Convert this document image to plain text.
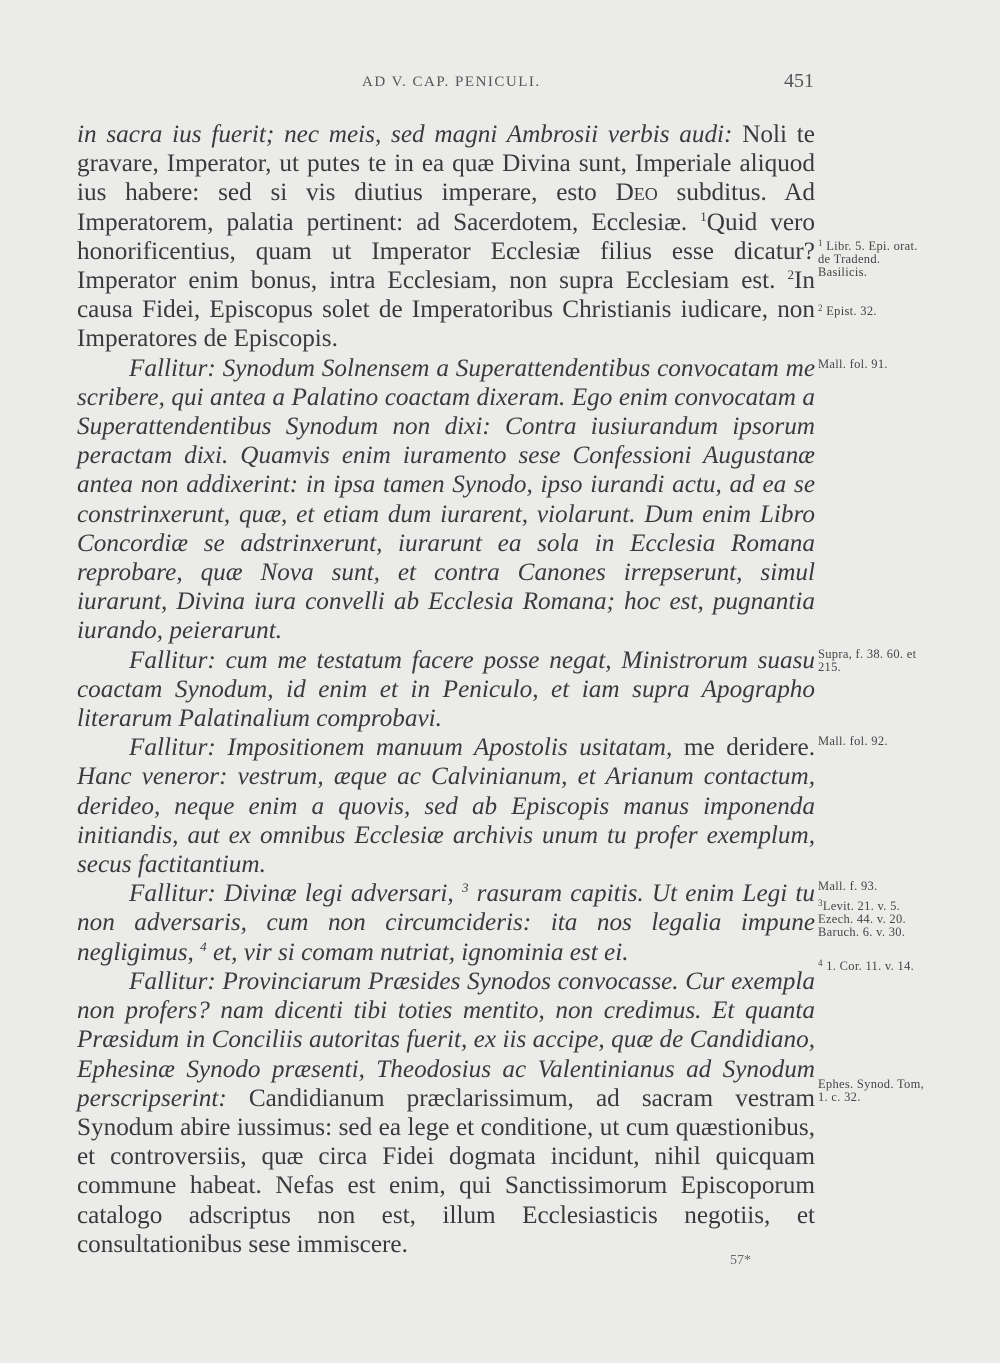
AD V. CAP. PENICULI.	451

in sacra ius fuerit; nec meis, sed magni Ambrosii verbis audi: Noli te gravare, Imperator, ut putes te in ea quæ Divina sunt, Imperiale aliquod ius habere: sed si vis diutius imperare, esto Deo subditus. Ad Imperatorem, palatia pertinent: ad Sacerdotem, Ecclesiæ. $^1$Quid vero honorificentius, quam ut Imperator Ecclesiæ filius esse dicatur? Imperator enim bonus, intra Ecclesiam, non supra Ecclesiam est. $^2$In causa Fidei, Episcopus solet de Imperatoribus Christianis iudicare, non Imperatores de Episcopis.

Fallitur: Synodum Solnensem a Superattendentibus convocatam me scribere, qui antea a Palatino coactam dixeram. Ego enim convocatam a Superattendentibus Synodum non dixi: Contra iusiurandum ipsorum peractam dixi. Quamvis enim iuramento sese Confessioni Augustanæ antea non addixerint: in ipsa tamen Synodo, ipso iurandi actu, ad ea se constrinxerunt, quæ, et etiam dum iurarent, violarunt. Dum enim Libro Concordiæ se adstrinxerunt, iurarunt ea sola in Ecclesia Romana reprobare, quæ Nova sunt, et contra Canones irrepserunt, simul iurarunt, Divina iura convelli ab Ecclesia Romana; hoc est, pugnantia iurando, peierarunt.

Fallitur: cum me testatum facere posse negat, Ministrorum suasu coactam Synodum, id enim et in Peniculo, et iam supra Apographo literarum Palatinalium comprobavi.

Fallitur: Impositionem manuum Apostolis usitatam, me deridere. Hanc veneror: vestrum, æque ac Calvinianum, et Arianum contactum, derideo, neque enim a quovis, sed ab Episcopis manus imponenda initiandis, aut ex omnibus Ecclesiæ archivis unum tu profer exemplum, secus factitantium.

Fallitur: Divinæ legi adversari, $^3$ rasuram capitis. Ut enim Legi tu non adversaris, cum non circumcideris: ita nos legalia impune negligimus, $^4$ et, vir si comam nutriat, ignominia est ei.

Fallitur: Provinciarum Præsides Synodos convocasse. Cur exempla non profers? nam dicenti tibi toties mentito, non credimus. Et quanta Præsidum in Conciliis autoritas fuerit, ex iis accipe, quæ de Candidiano, Ephesinæ Synodo præsenti, Theodosius ac Valentinianus ad Synodum perscripserint: Candidianum præclarissimum, ad sacram vestram Synodum abire iussimus: sed ea lege et conditione, ut cum quæstionibus, et controversiis, quæ circa Fidei dogmata incidunt, nihil quicquam commune habeat. Nefas est enim, qui Sanctissimorum Episcoporum catalogo adscriptus non est, illum Ecclesiasticis negotiis, et consultationibus sese immiscere.

$^1$ Libr. 5. Epi. orat. de Tradend. Basilicis.
$^2$ Epist. 32.
Mall. fol. 91.
Supra, f. 38. 60. et 215.
Mall. fol. 92.
Mall. f. 93.
$^3$Levit. 21. v. 5. Ezech. 44. v. 20. Baruch. 6. v. 30.
$^4$ 1. Cor. 11. v. 14.
Ephes. Synod. Tom, 1. c. 32.
57*
